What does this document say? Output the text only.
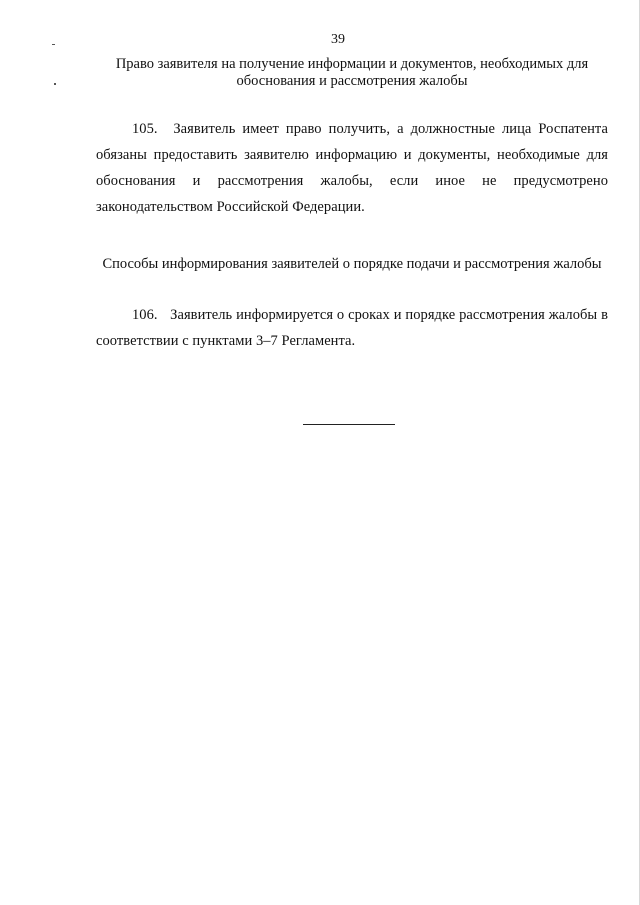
39
Право заявителя на получение информации и документов, необходимых для обоснования и рассмотрения жалобы
105. Заявитель имеет право получить, а должностные лица Роспатента обязаны предоставить заявителю информацию и документы, необходимые для обоснования и рассмотрения жалобы, если иное не предусмотрено законодательством Российской Федерации.
Способы информирования заявителей о порядке подачи и рассмотрения жалобы
106. Заявитель информируется о сроках и порядке рассмотрения жалобы в соответствии с пунктами 3–7 Регламента.
